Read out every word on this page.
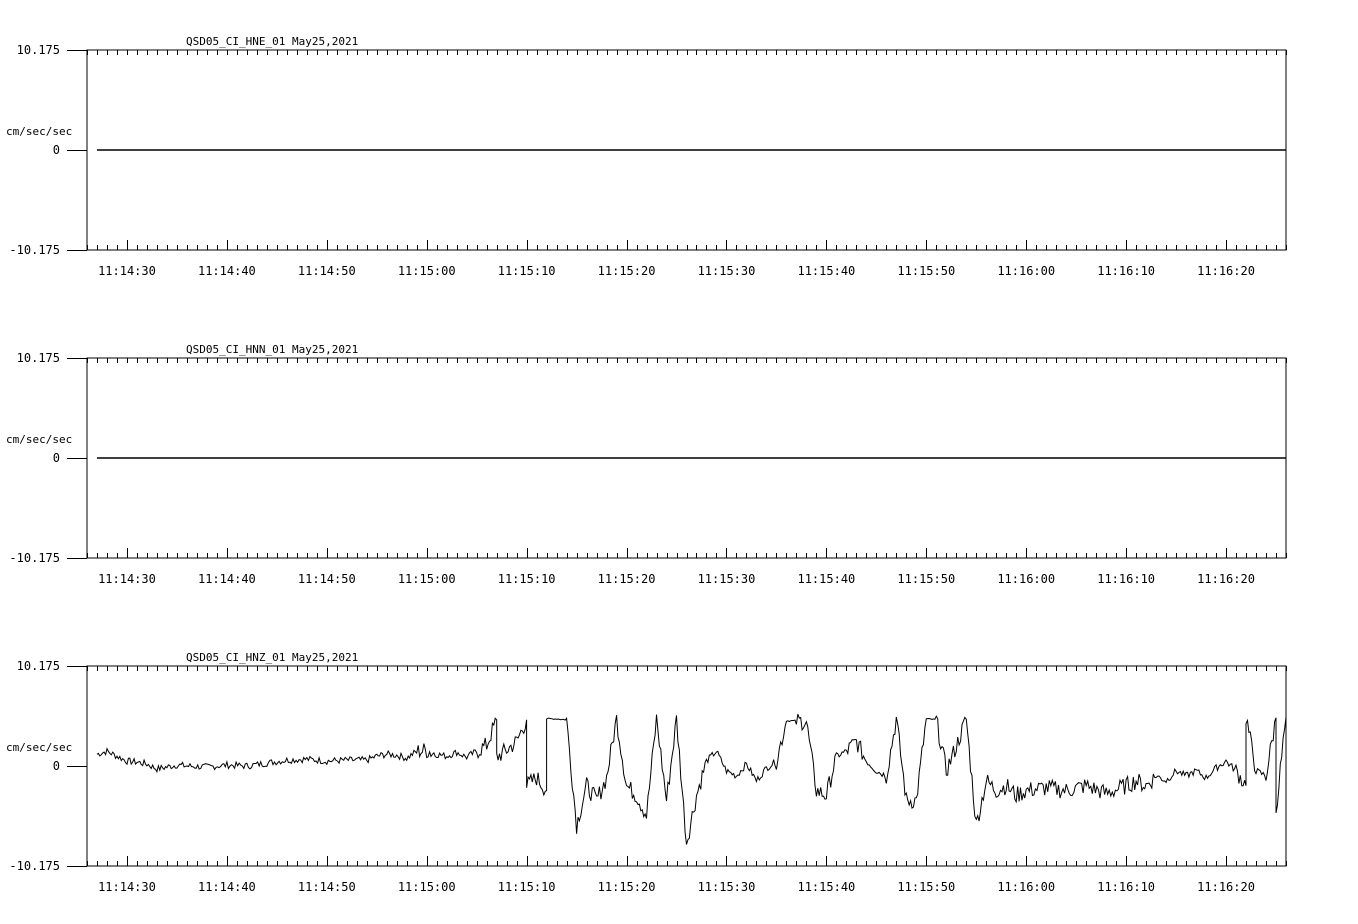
QSD05_CI_HNE_01 May25,2021
cm/sec/sec
10.175
0
-10.175
11:14:30	11:14:40	11:14:50	11:15:00	11:15:10	11:15:20	11:15:30	11:15:40	11:15:50	11:16:00	11:16:10	11:16:20
QSD05_CI_HNN_01 May25,2021
cm/sec/sec
10.175
0
-10.175
11:14:30	11:14:40	11:14:50	11:15:00	11:15:10	11:15:20	11:15:30	11:15:40	11:15:50	11:16:00	11:16:10	11:16:20
QSD05_CI_HNZ_01 May25,2021
cm/sec/sec
10.175
0
-10.175
11:14:30	11:14:40	11:14:50	11:15:00	11:15:10	11:15:20	11:15:30	11:15:40	11:15:50	11:16:00	11:16:10	11:16:20
